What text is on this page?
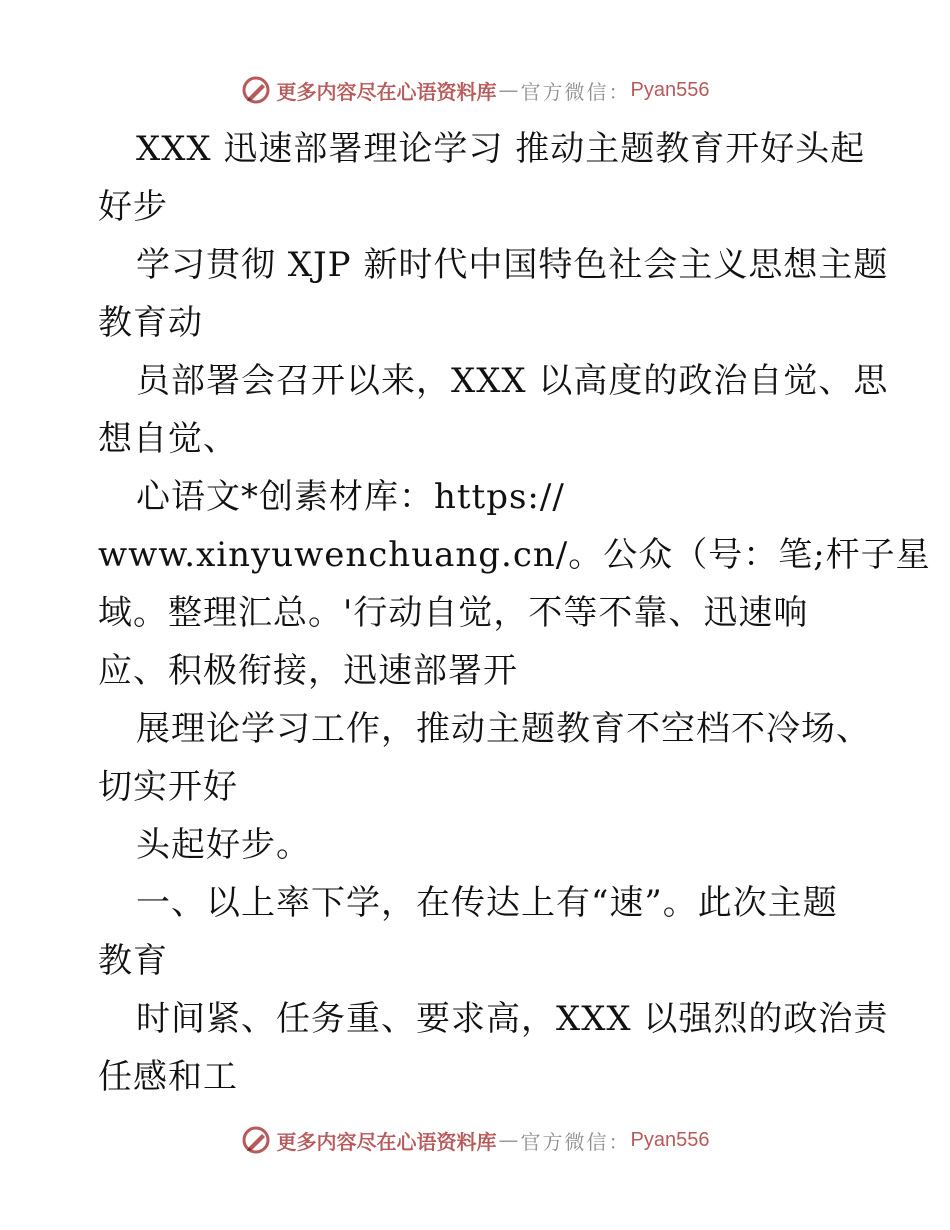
更多内容尽在心语资料库 — 官方微信： Pyan556
XXX 迅速部署理论学习 推动主题教育开好头起
好步
学习贯彻 XJP 新时代中国特色社会主义思想主题
教育动
员部署会召开以来，XXX 以高度的政治自觉、思
想自觉、
心语文*创素材库：https://
www.xinyuwenchuang.cn/。公众（号：笔;杆子星
域。整理汇总。'行动自觉，不等不靠、迅速响
应、积极衔接，迅速部署开
展理论学习工作，推动主题教育不空档不冷场、
切实开好
头起好步。
一、以上率下学，在传达上有“速”。此次主题
教育
时间紧、任务重、要求高，XXX 以强烈的政治责
任感和工
更多内容尽在心语资料库 — 官方微信： Pyan556
